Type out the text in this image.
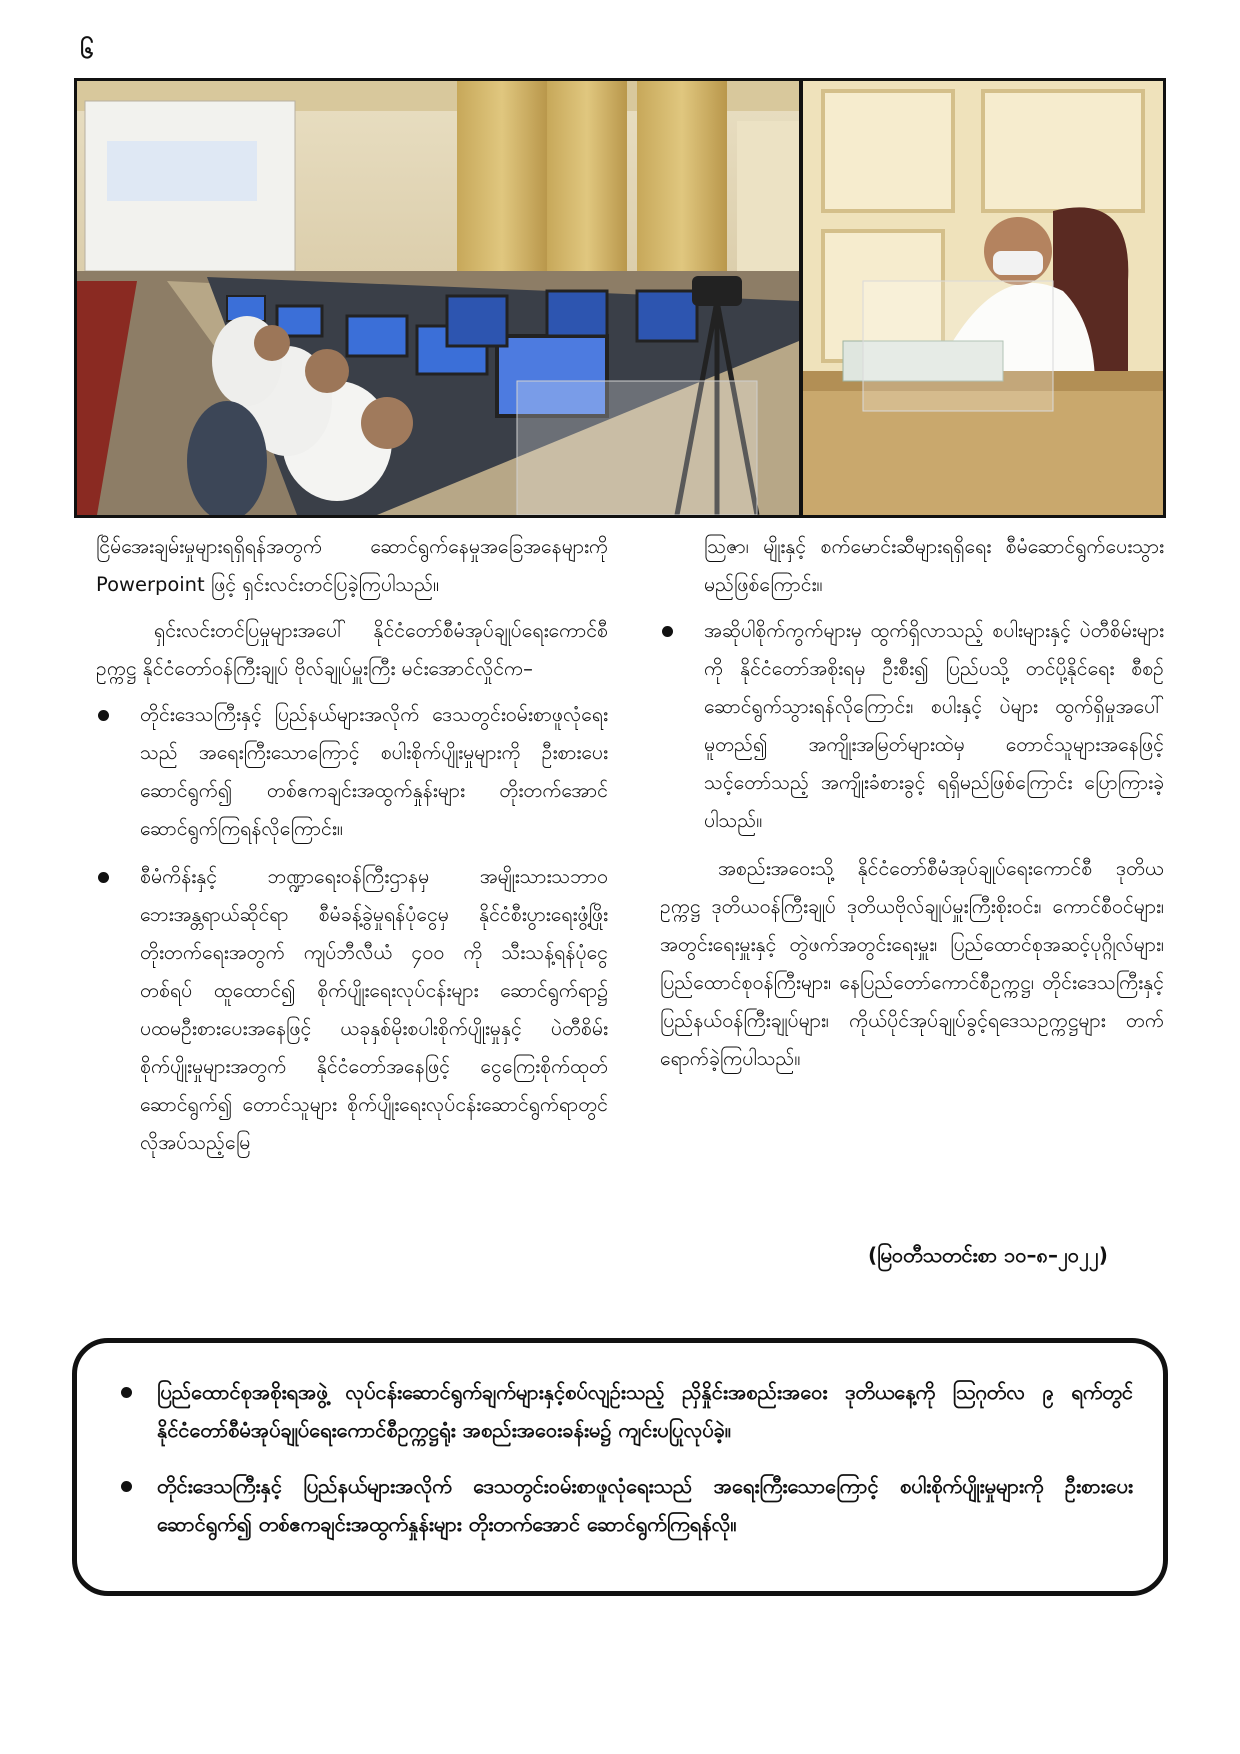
၆

ငြိမ်အေးချမ်းမှုများရရှိရန်အတွက် ဆောင်ရွက်နေမှုအခြေအနေများကို Powerpoint ဖြင့် ရှင်းလင်းတင်ပြခဲ့ကြပါသည်။

ရှင်းလင်းတင်ပြမှုများအပေါ် နိုင်ငံတော်စီမံအုပ်ချုပ်ရေးကောင်စီဥက္ကဋ္ဌ နိုင်ငံတော်ဝန်ကြီးချုပ် ဗိုလ်ချုပ်မှူးကြီး မင်းအောင်လှိုင်က–

တိုင်းဒေသကြီးနှင့် ပြည်နယ်များအလိုက် ဒေသတွင်းဝမ်းစာဖူလုံရေးသည် အရေးကြီးသောကြောင့် စပါးစိုက်ပျိုးမှုများကို ဦးစားပေးဆောင်ရွက်၍ တစ်ဧကချင်းအထွက်နှုန်းများ တိုးတက်အောင် ဆောင်ရွက်ကြရန်လိုကြောင်း။
စီမံကိန်းနှင့် ဘဏ္ဍာရေးဝန်ကြီးဌာနမှ အမျိုးသားသဘာဝဘေးအန္တရာယ်ဆိုင်ရာ စီမံခန့်ခွဲမှုရန်ပုံငွေမှ နိုင်ငံစီးပွားရေးဖွံ့ဖြိုးတိုးတက်ရေးအတွက် ကျပ်ဘီလီယံ ၄၀၀ ကို သီးသန့်ရန်ပုံငွေတစ်ရပ် ထူထောင်၍ စိုက်ပျိုးရေးလုပ်ငန်းများ ဆောင်ရွက်ရာ၌ ပထမဦးစားပေးအနေဖြင့် ယခုနှစ်မိုးစပါးစိုက်ပျိုးမှုနှင့် ပဲတီစိမ်းစိုက်ပျိုးမှုများအတွက် နိုင်ငံတော်အနေဖြင့် ငွေကြေးစိုက်ထုတ်ဆောင်ရွက်၍ တောင်သူများ စိုက်ပျိုးရေးလုပ်ငန်းဆောင်ရွက်ရာတွင် လိုအပ်သည့်မြေ

ဩဇာ၊ မျိုးနှင့် စက်မောင်းဆီများရရှိရေး စီမံဆောင်ရွက်ပေးသွားမည်ဖြစ်ကြောင်း။

အဆိုပါစိုက်ကွက်များမှ ထွက်ရှိလာသည့် စပါးများနှင့် ပဲတီစိမ်းများကို နိုင်ငံတော်အစိုးရမှ ဦးစီး၍ ပြည်ပသို့ တင်ပို့နိုင်ရေး စီစဉ်ဆောင်ရွက်သွားရန်လိုကြောင်း၊ စပါးနှင့် ပဲများ ထွက်ရှိမှုအပေါ်မူတည်၍ အကျိုးအမြတ်များထဲမှ တောင်သူများအနေဖြင့် သင့်တော်သည့် အကျိုးခံစားခွင့် ရရှိမည်ဖြစ်ကြောင်း ပြောကြားခဲ့ပါသည်။

အစည်းအဝေးသို့ နိုင်ငံတော်စီမံအုပ်ချုပ်ရေးကောင်စီ ဒုတိယဥက္ကဋ္ဌ ဒုတိယဝန်ကြီးချုပ် ဒုတိယဗိုလ်ချုပ်မှူးကြီးစိုးဝင်း၊ ကောင်စီဝင်များ၊ အတွင်းရေးမှူးနှင့် တွဲဖက်အတွင်းရေးမှူး၊ ပြည်ထောင်စုအဆင့်ပုဂ္ဂိုလ်များ၊ ပြည်ထောင်စုဝန်ကြီးများ၊ နေပြည်တော်ကောင်စီဥက္ကဋ္ဌ၊ တိုင်းဒေသကြီးနှင့် ပြည်နယ်ဝန်ကြီးချုပ်များ၊ ကိုယ်ပိုင်အုပ်ချုပ်ခွင့်ရဒေသဥက္ကဋ္ဌများ တက်ရောက်ခဲ့ကြပါသည်။

(မြဝတီသတင်းစာ ၁၀–၈–၂၀၂၂)
ပြည်ထောင်စုအစိုးရအဖွဲ့ လုပ်ငန်းဆောင်ရွက်ချက်များနှင့်စပ်လျဉ်းသည့် ညှိနှိုင်းအစည်းအဝေး ဒုတိယနေ့ကို ဩဂုတ်လ ၉ ရက်တွင် နိုင်ငံတော်စီမံအုပ်ချုပ်ရေးကောင်စီဥက္ကဋ္ဌရုံး အစည်းအဝေးခန်းမ၌ ကျင်းပပြုလုပ်ခဲ့။
တိုင်းဒေသကြီးနှင့် ပြည်နယ်များအလိုက် ဒေသတွင်းဝမ်းစာဖူလုံရေးသည် အရေးကြီးသောကြောင့် စပါးစိုက်ပျိုးမှုများကို ဦးစားပေးဆောင်ရွက်၍ တစ်ဧကချင်းအထွက်နှုန်းများ တိုးတက်အောင် ဆောင်ရွက်ကြရန်လို။
